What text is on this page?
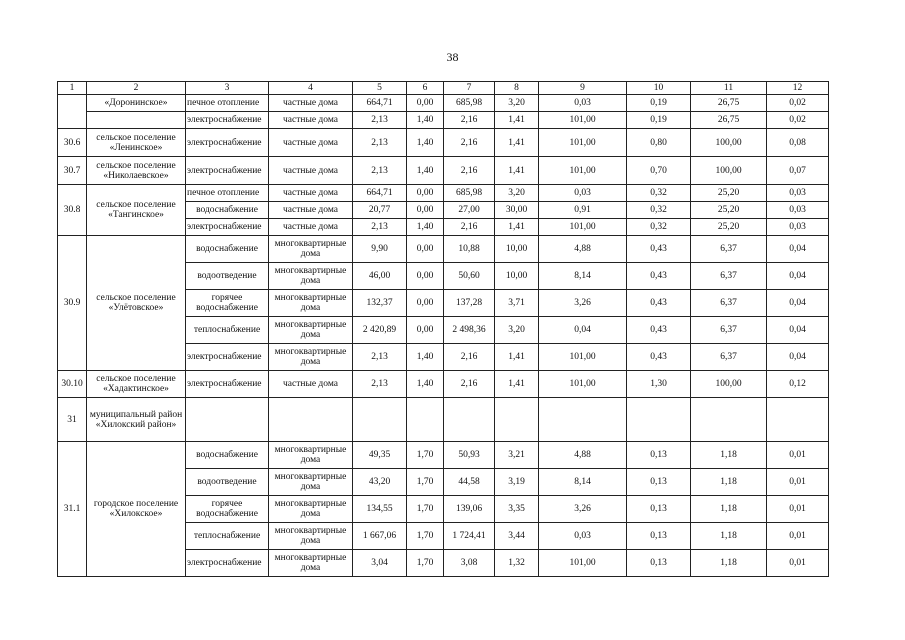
38
1	2	3	4	5	6	7	8	9	10	11	12
	«Доронинское»	печное отопление	частные дома	664,71	0,00	685,98	3,20	0,03	0,19	26,75	0,02
		электроснабжение	частные дома	2,13	1,40	2,16	1,41	101,00	0,19	26,75	0,02
30.6	сельское поселение «Ленинское»	электроснабжение	частные дома	2,13	1,40	2,16	1,41	101,00	0,80	100,00	0,08
30.7	сельское поселение «Николаевское»	электроснабжение	частные дома	2,13	1,40	2,16	1,41	101,00	0,70	100,00	0,07
30.8	сельское поселение «Тангинское»	печное отопление	частные дома	664,71	0,00	685,98	3,20	0,03	0,32	25,20	0,03
		водоснабжение	частные дома	20,77	0,00	27,00	30,00	0,91	0,32	25,20	0,03
		электроснабжение	частные дома	2,13	1,40	2,16	1,41	101,00	0,32	25,20	0,03
30.9	сельское поселение «Улётовское»	водоснабжение	многоквартирные дома	9,90	0,00	10,88	10,00	4,88	0,43	6,37	0,04
		водоотведение	многоквартирные дома	46,00	0,00	50,60	10,00	8,14	0,43	6,37	0,04
		горячее водоснабжение	многоквартирные дома	132,37	0,00	137,28	3,71	3,26	0,43	6,37	0,04
		теплоснабжение	многоквартирные дома	2 420,89	0,00	2 498,36	3,20	0,04	0,43	6,37	0,04
		электроснабжение	многоквартирные дома	2,13	1,40	2,16	1,41	101,00	0,43	6,37	0,04
30.10	сельское поселение «Хадактинское»	электроснабжение	частные дома	2,13	1,40	2,16	1,41	101,00	1,30	100,00	0,12
31	муниципальный район «Хилокский район»										
31.1	городское поселение «Хилокское»	водоснабжение	многоквартирные дома	49,35	1,70	50,93	3,21	4,88	0,13	1,18	0,01
		водоотведение	многоквартирные дома	43,20	1,70	44,58	3,19	8,14	0,13	1,18	0,01
		горячее водоснабжение	многоквартирные дома	134,55	1,70	139,06	3,35	3,26	0,13	1,18	0,01
		теплоснабжение	многоквартирные дома	1 667,06	1,70	1 724,41	3,44	0,03	0,13	1,18	0,01
		электроснабжение	многоквартирные дома	3,04	1,70	3,08	1,32	101,00	0,13	1,18	0,01
